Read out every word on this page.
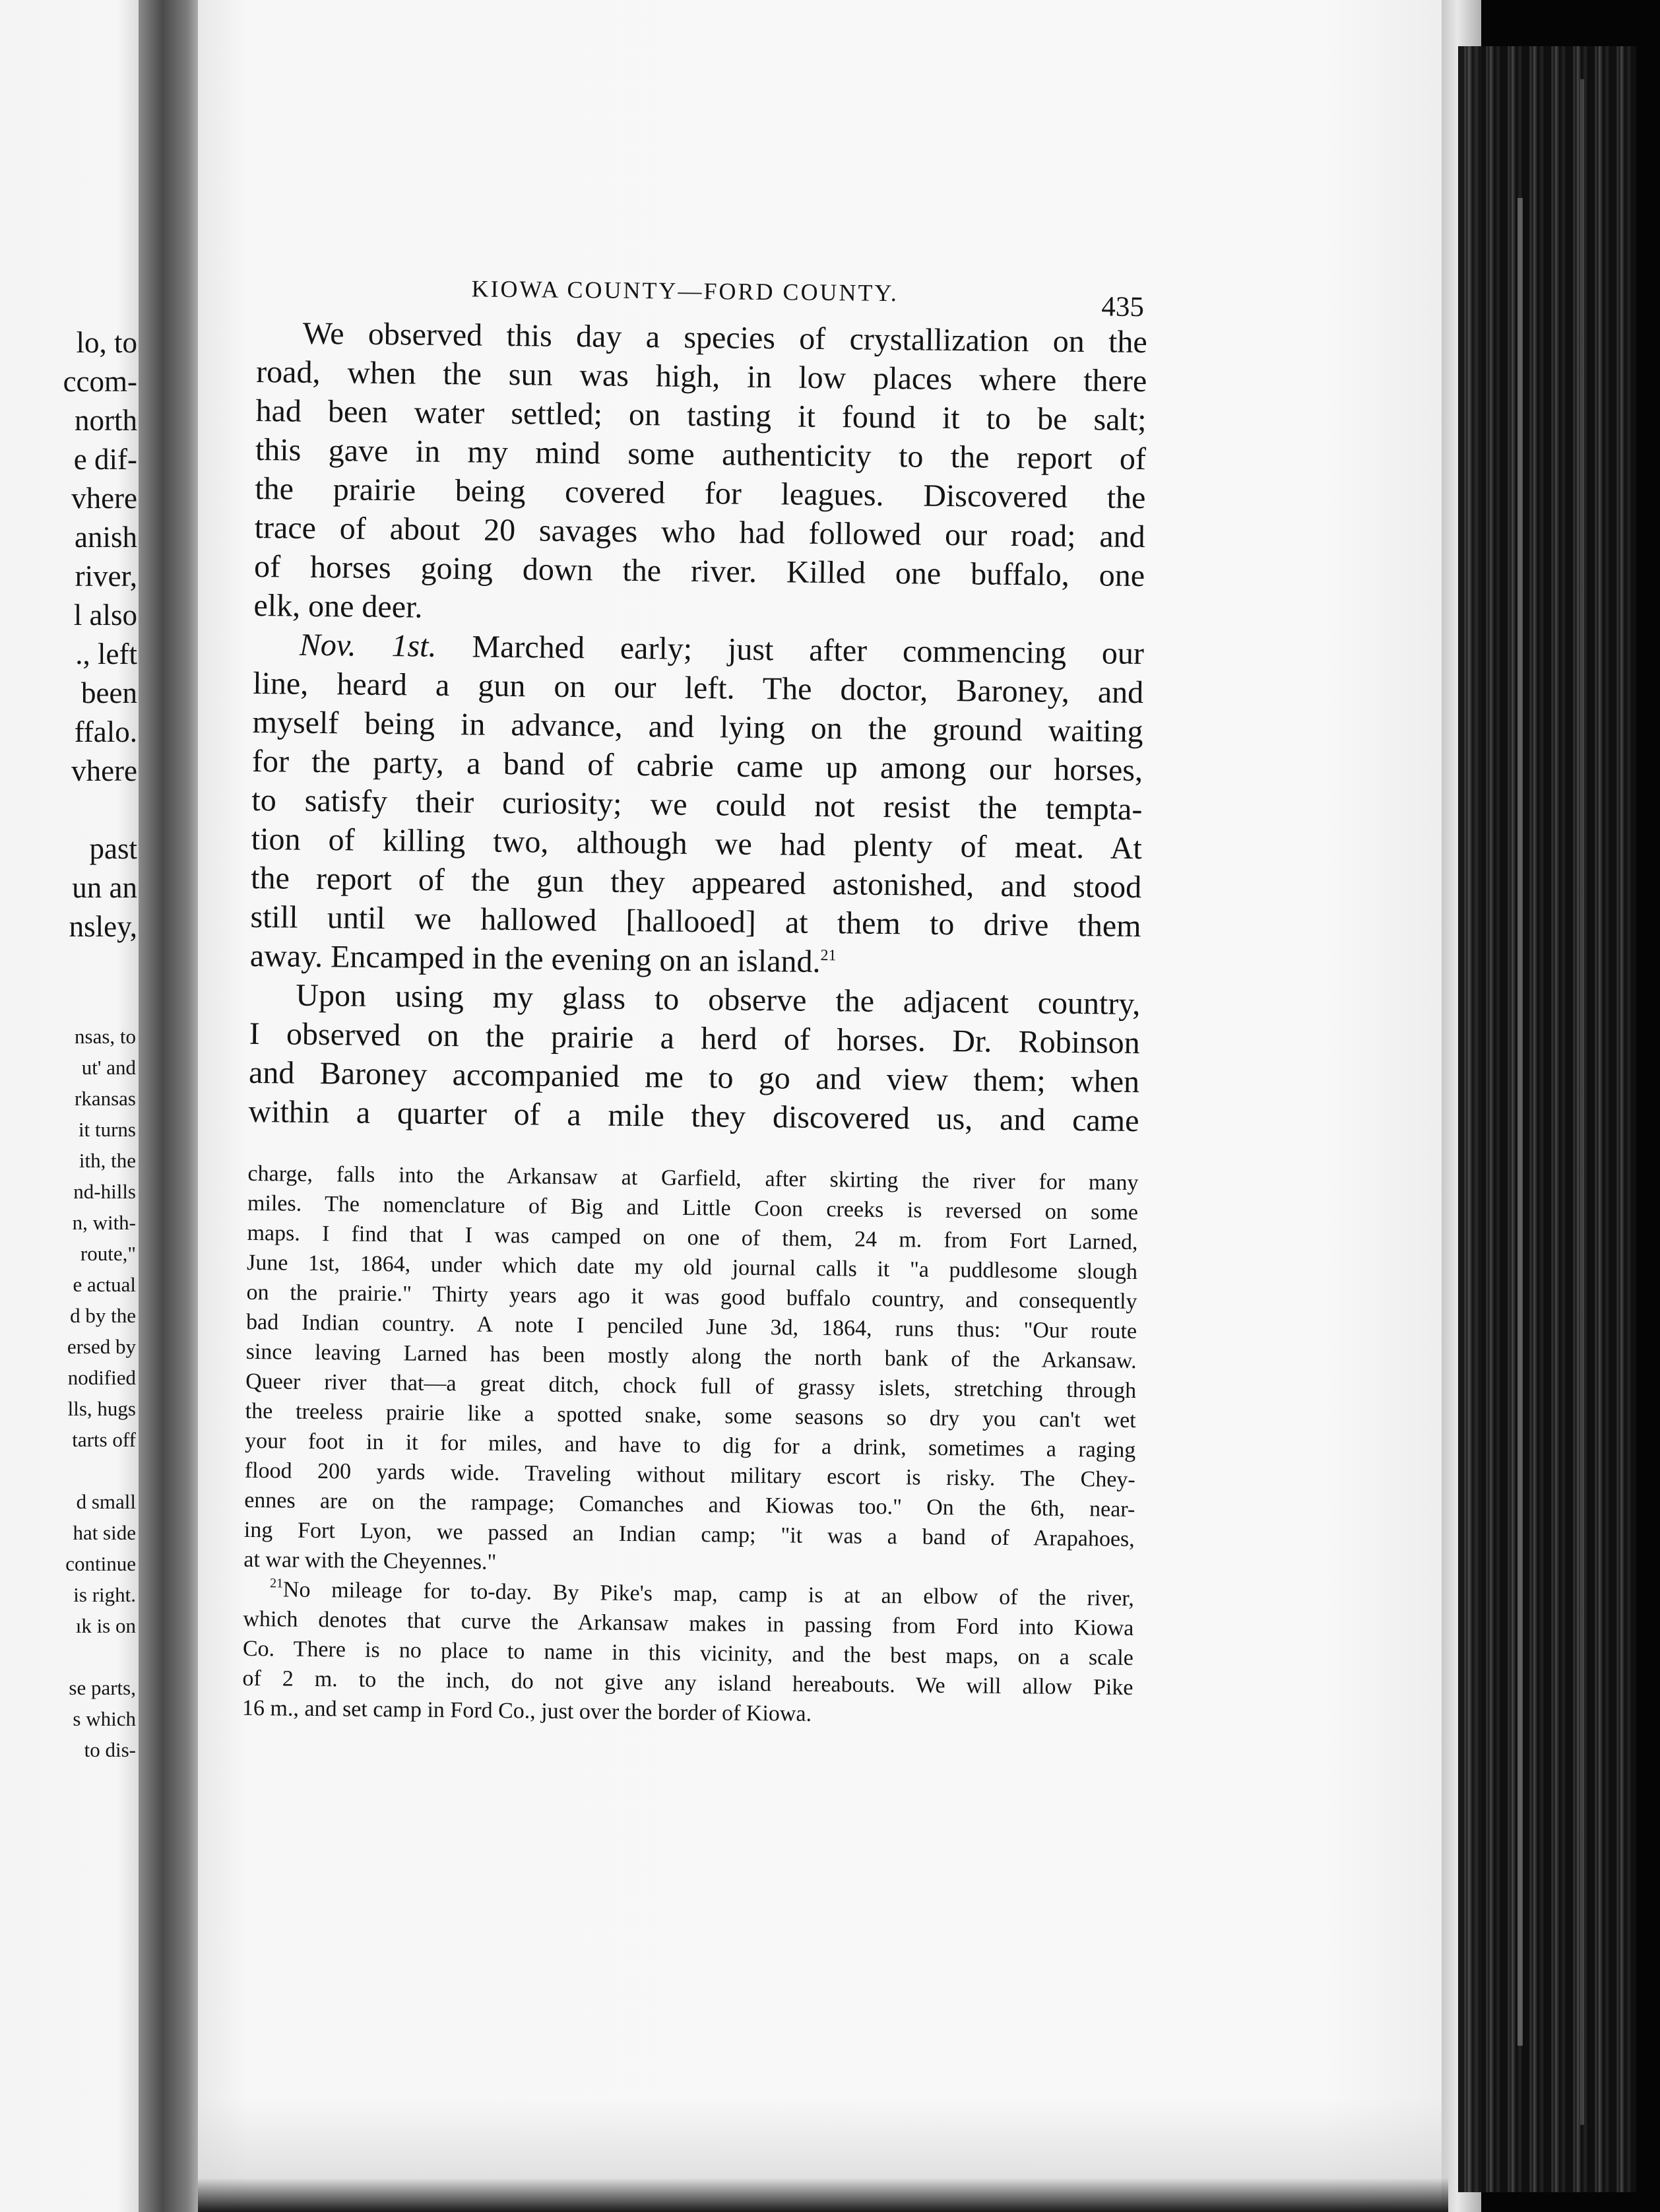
lo, to
ccom-
north
e dif-
vhere
anish
river,
l also
., left
been
ffalo.
vhere
past
un an
nsley,
nsas, to
ut' and
rkansas
it turns
ith, the
nd-hills
n, with-
route,"
e actual
d by the
ersed by
nodified
lls, hugs
tarts off
d small
hat side
continue
is right.
ık is on
se parts,
s which
to dis-
KIOWA COUNTY—FORD COUNTY.
435

We observed this day a species of crystallization on the
road, when the sun was high, in low places where there
had been water settled; on tasting it found it to be salt;
this gave in my mind some authenticity to the report of
the prairie being covered for leagues. Discovered the
trace of about 20 savages who had followed our road; and
of horses going down the river. Killed one buffalo, one
elk, one deer.

Nov. 1st. Marched early; just after commencing our
line, heard a gun on our left. The doctor, Baroney, and
myself being in advance, and lying on the ground waiting
for the party, a band of cabrie came up among our horses,
to satisfy their curiosity; we could not resist the tempta-
tion of killing two, although we had plenty of meat. At
the report of the gun they appeared astonished, and stood
still until we hallowed [hallooed] at them to drive them
away. Encamped in the evening on an island.$^{21}$

Upon using my glass to observe the adjacent country,
I observed on the prairie a herd of horses. Dr. Robinson
and Baroney accompanied me to go and view them; when
within a quarter of a mile they discovered us, and came

charge, falls into the Arkansaw at Garfield, after skirting the river for many
miles. The nomenclature of Big and Little Coon creeks is reversed on some
maps. I find that I was camped on one of them, 24 m. from Fort Larned,
June 1st, 1864, under which date my old journal calls it "a puddlesome slough
on the prairie." Thirty years ago it was good buffalo country, and consequently
bad Indian country. A note I penciled June 3d, 1864, runs thus: "Our route
since leaving Larned has been mostly along the north bank of the Arkansaw.
Queer river that—a great ditch, chock full of grassy islets, stretching through
the treeless prairie like a spotted snake, some seasons so dry you can't wet
your foot in it for miles, and have to dig for a drink, sometimes a raging
flood 200 yards wide. Traveling without military escort is risky. The Chey-
ennes are on the rampage; Comanches and Kiowas too." On the 6th, near-
ing Fort Lyon, we passed an Indian camp; "it was a band of Arapahoes,
at war with the Cheyennes."
$^{21}$No mileage for to-day. By Pike's map, camp is at an elbow of the river,
which denotes that curve the Arkansaw makes in passing from Ford into Kiowa
Co. There is no place to name in this vicinity, and the best maps, on a scale
of 2 m. to the inch, do not give any island hereabouts. We will allow Pike
16 m., and set camp in Ford Co., just over the border of Kiowa.
